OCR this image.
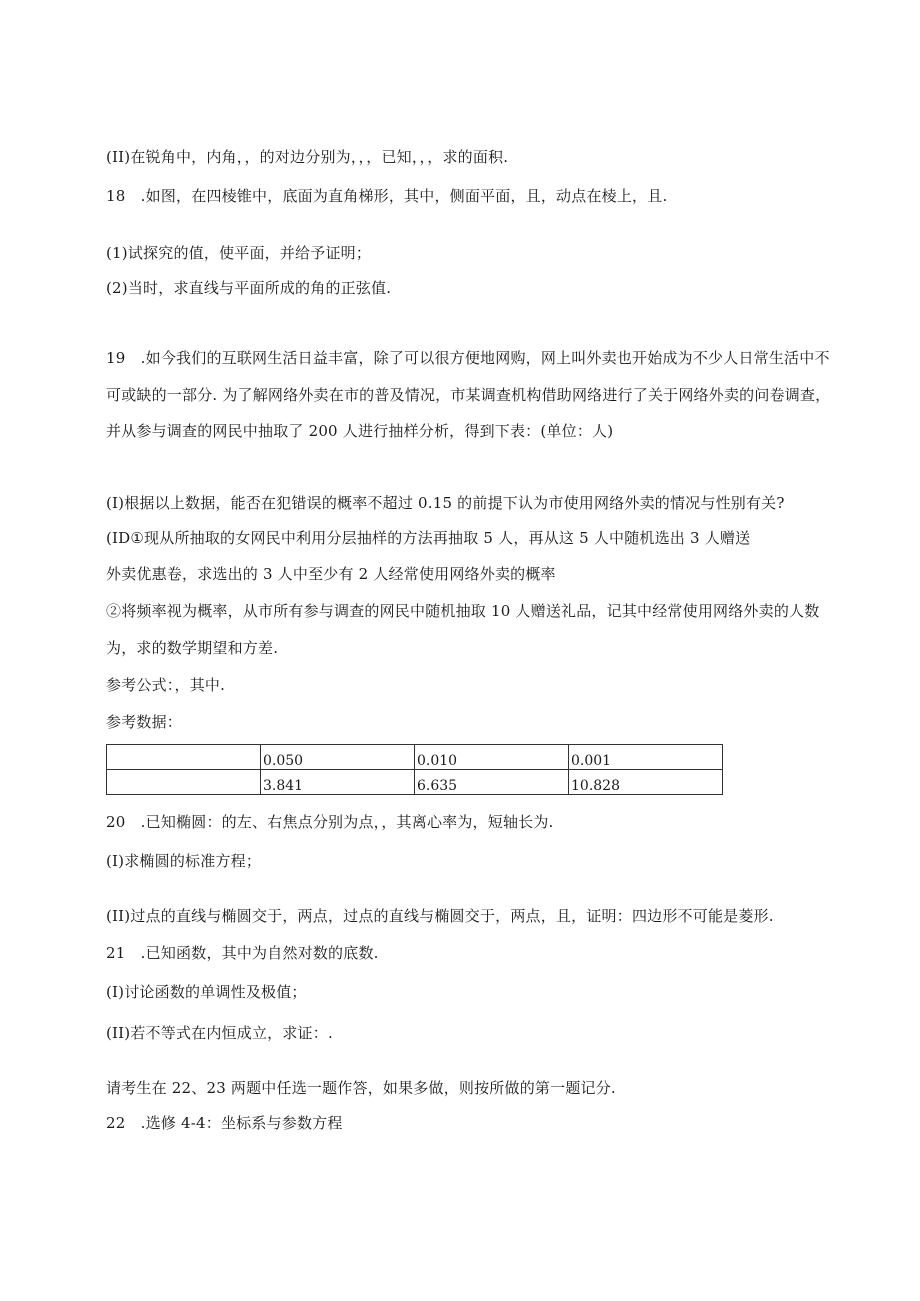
(II)在锐角中，内角，，的对边分别为，，，已知，，，求的面积.
18　.如图，在四棱锥中，底面为直角梯形，其中，侧面平面，且，动点在棱上，且.
(1)试探究的值，使平面，并给予证明；
(2)当时，求直线与平面所成的角的正弦值.
19　.如今我们的互联网生活日益丰富，除了可以很方便地网购，网上叫外卖也开始成为不少人日常生活中不
可或缺的一部分. 为了解网络外卖在市的普及情况，市某调查机构借助网络进行了关于网络外卖的问卷调查，
并从参与调查的网民中抽取了 200 人进行抽样分析，得到下表：(单位：人)
(I)根据以上数据，能否在犯错误的概率不超过 0.15 的前提下认为市使用网络外卖的情况与性别有关?
(ID①现从所抽取的女网民中利用分层抽样的方法再抽取 5 人，再从这 5 人中随机选出 3 人赠送
外卖优惠卷，求选出的 3 人中至少有 2 人经常使用网络外卖的概率
②将频率视为概率，从市所有参与调查的网民中随机抽取 10 人赠送礼品，记其中经常使用网络外卖的人数
为，求的数学期望和方差.
参考公式：，其中.
参考数据：
	0.050	0.010	0.001
	3.841	6.635	10.828
20　.已知椭圆：的左、右焦点分别为点，，其离心率为，短轴长为.
(I)求椭圆的标准方程；
(II)过点的直线与椭圆交于，两点，过点的直线与椭圆交于，两点，且，证明：四边形不可能是菱形.
21　.已知函数，其中为自然对数的底数.
(I)讨论函数的单调性及极值；
(II)若不等式在内恒成立，求证：.
请考生在 22、23 两题中任选一题作答，如果多做，则按所做的第一题记分.
22　.选修 4-4：坐标系与参数方程
